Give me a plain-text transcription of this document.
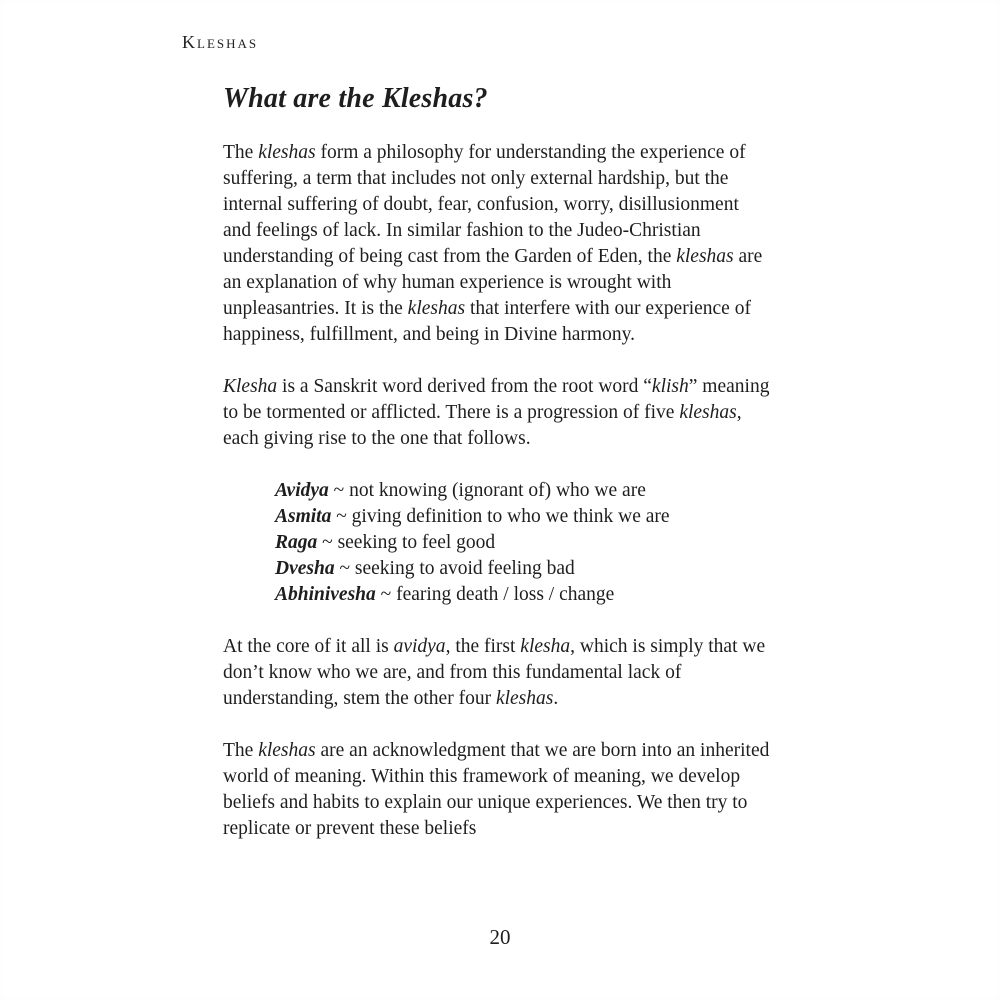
Kleshas
What are the Kleshas?

The kleshas form a philosophy for understanding the experience of suffering, a term that includes not only external hardship, but the internal suffering of doubt, fear, confusion, worry, disillusionment and feelings of lack. In similar fashion to the Judeo-Christian understanding of being cast from the Garden of Eden, the kleshas are an explanation of why human experience is wrought with unpleasantries. It is the kleshas that interfere with our experience of happiness, fulfillment, and being in Divine harmony.

Klesha is a Sanskrit word derived from the root word “klish” meaning to be tormented or afflicted. There is a progression of five kleshas, each giving rise to the one that follows.

Avidya ~ not knowing (ignorant of) who we are

Asmita ~ giving definition to who we think we are

Raga ~ seeking to feel good

Dvesha ~ seeking to avoid feeling bad

Abhinivesha ~ fearing death / loss / change

At the core of it all is avidya, the first klesha, which is simply that we don’t know who we are, and from this fundamental lack of understanding, stem the other four kleshas.

The kleshas are an acknowledgment that we are born into an inherited world of meaning. Within this framework of meaning, we develop beliefs and habits to explain our unique experiences. We then try to replicate or prevent these beliefs

20
